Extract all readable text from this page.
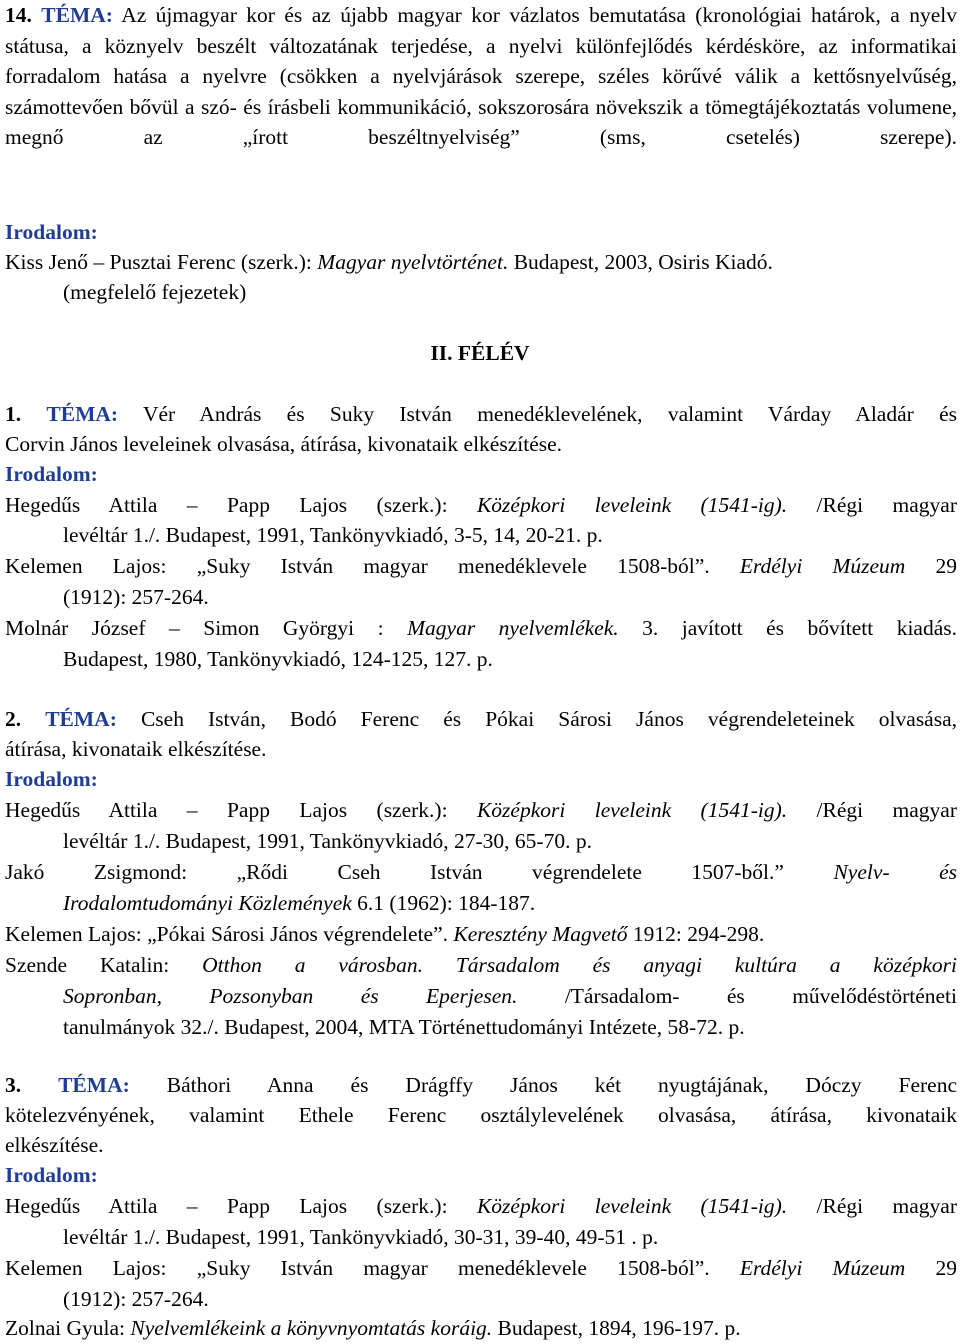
14. TÉMA: Az újmagyar kor és az újabb magyar kor vázlatos bemutatása (kronológiai határok, a nyelv státusa, a köznyelv beszélt változatának terjedése, a nyelvi különfejlődés kérdésköre, az informatikai forradalom hatása a nyelvre (csökken a nyelvjárások szerepe, széles körűvé válik a kettősnyelvűség, számottevően bővül a szó- és írásbeli kommunikáció, sokszorosára növekszik a tömegtájékoztatás volumene, megnő az „írott beszéltnyelviség” (sms, csetelés) szerepe).

Irodalom:
Kiss Jenő – Pusztai Ferenc (szerk.): Magyar nyelvtörténet. Budapest, 2003, Osiris Kiadó.
(megfelelő fejezetek)
II. FÉLÉV
1. TÉMA: Vér András és Suky István menedéklevelének, valamint Várday Aladár és
Corvin János leveleinek olvasása, átírása, kivonataik elkészítése.
Irodalom:
Hegedűs Attila – Papp Lajos (szerk.): Középkori leveleink (1541-ig). /Régi magyar
levéltár 1./. Budapest, 1991, Tankönyvkiadó, 3-5, 14, 20-21. p.
Kelemen Lajos: „Suky István magyar menedéklevele 1508-ból”. Erdélyi Múzeum 29
(1912): 257-264.
Molnár József – Simon Györgyi : Magyar nyelvemlékek. 3. javított és bővített kiadás.
Budapest, 1980, Tankönyvkiadó, 124-125, 127. p.
2. TÉMA: Cseh István, Bodó Ferenc és Pókai Sárosi János végrendeleteinek olvasása,
átírása, kivonataik elkészítése.
Irodalom:
Hegedűs Attila – Papp Lajos (szerk.): Középkori leveleink (1541-ig). /Régi magyar
levéltár 1./. Budapest, 1991, Tankönyvkiadó, 27-30, 65-70. p.
Jakó Zsigmond: „Rődi Cseh István végrendelete 1507-ből.” Nyelv- és
Irodalomtudományi Közlemények 6.1 (1962): 184-187.
Kelemen Lajos: „Pókai Sárosi János végrendelete”. Keresztény Magvető 1912: 294-298.
Szende Katalin: Otthon a városban. Társadalom és anyagi kultúra a középkori
Sopronban, Pozsonyban és Eperjesen. /Társadalom- és művelődéstörténeti
tanulmányok 32./. Budapest, 2004, MTA Történettudományi Intézete, 58-72. p.
3. TÉMA: Báthori Anna és Drágffy János két nyugtájának, Dóczy Ferenc
kötelezvényének, valamint Ethele Ferenc osztálylevelének olvasása, átírása, kivonataik
elkészítése.
Irodalom:
Hegedűs Attila – Papp Lajos (szerk.): Középkori leveleink (1541-ig). /Régi magyar
levéltár 1./. Budapest, 1991, Tankönyvkiadó, 30-31, 39-40, 49-51 . p.
Kelemen Lajos: „Suky István magyar menedéklevele 1508-ból”. Erdélyi Múzeum 29
(1912): 257-264.
Zolnai Gyula: Nyelvemlékeink a könyvnyomtatás koráig. Budapest, 1894, 196-197. p.
